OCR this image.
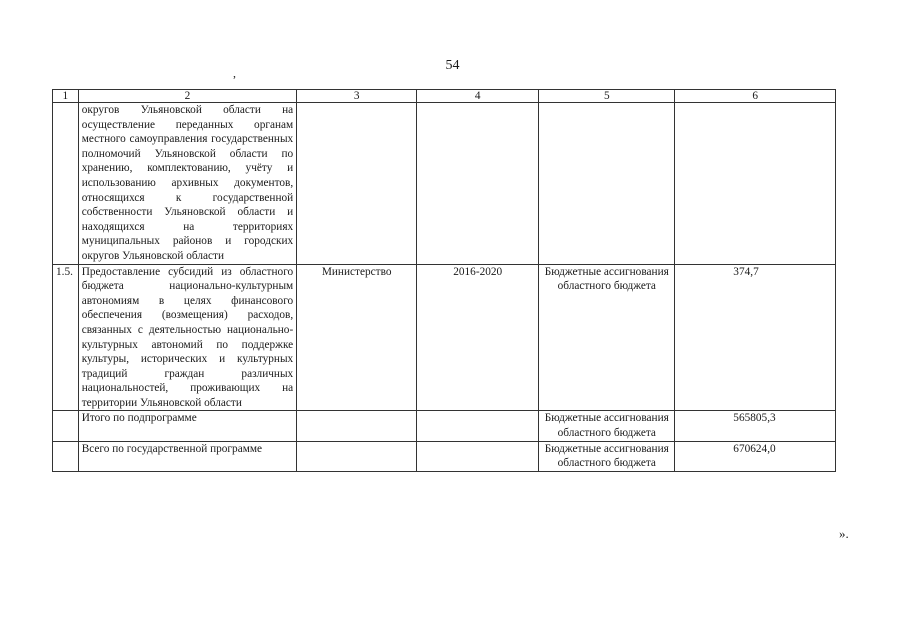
54
,
1	2	3	4	5	6
	округов Ульяновской области на осуществление переданных органам местного самоуправления государственных полномочий Ульяновской области по хранению, комплектованию, учёту и использованию архивных документов, относящихся к государственной собственности Ульяновской области и находящихся на территориях муниципальных районов и городских округов Ульяновской области				
1.5.	Предоставление субсидий из областного бюджета национально-культурным автономиям в целях финансового обеспечения (возмещения) расходов, связанных с деятельностью национально-культурных автономий по поддержке культуры, исторических и культурных традиций граждан различных национальностей, проживающих на территории Ульяновской области	Министерство	2016-2020	Бюджетные ассигнования областного бюджета	374,7
	Итого по подпрограмме			Бюджетные ассигнования областного бюджета	565805,3
	Всего по государственной программе			Бюджетные ассигнования областного бюджета	670624,0
».
